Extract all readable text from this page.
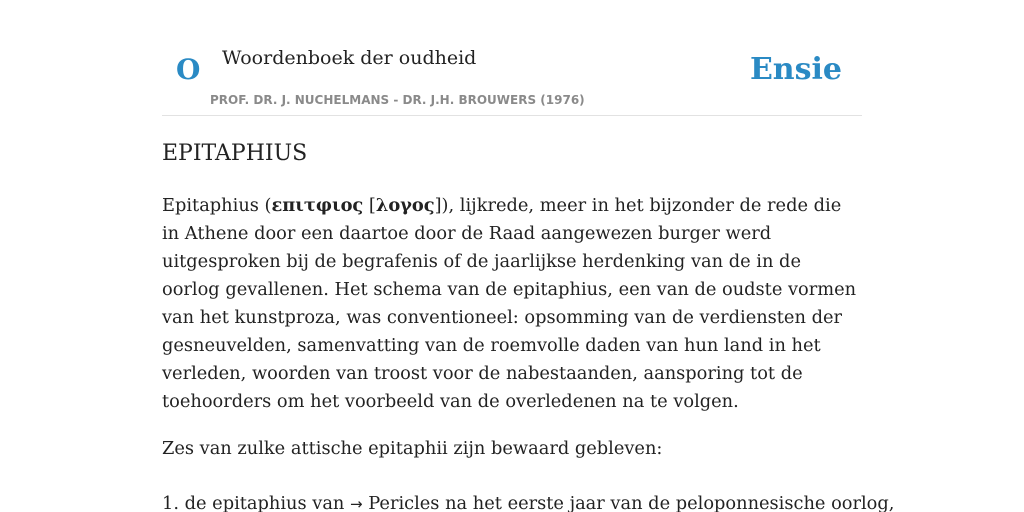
O Woordenboek der oudheid
PROF. DR. J. NUCHELMANS - DR. J.H. BROUWERS (1976)
Ensie
EPITAPHIUS

Epitaphius (επιτφιος [λογος]), lijkrede, meer in het bijzonder de rede die in Athene door een daartoe door de Raad aangewezen burger werd uitgesproken bij de begrafenis of de jaarlijkse herdenking van de in de oorlog gevallenen. Het schema van de epitaphius, een van de oudste vormen van het kunstproza, was conventioneel: opsomming van de verdiensten der gesneuvelden, samenvatting van de roemvolle daden van hun land in het verleden, woorden van troost voor de nabestaanden, aansporing tot de toehoorders om het voorbeeld van de overledenen na te volgen.

Zes van zulke attische epitaphii zijn bewaard gebleven:

1. de epitaphius van → Pericles na het eerste jaar van de peloponnesische oorlog,
